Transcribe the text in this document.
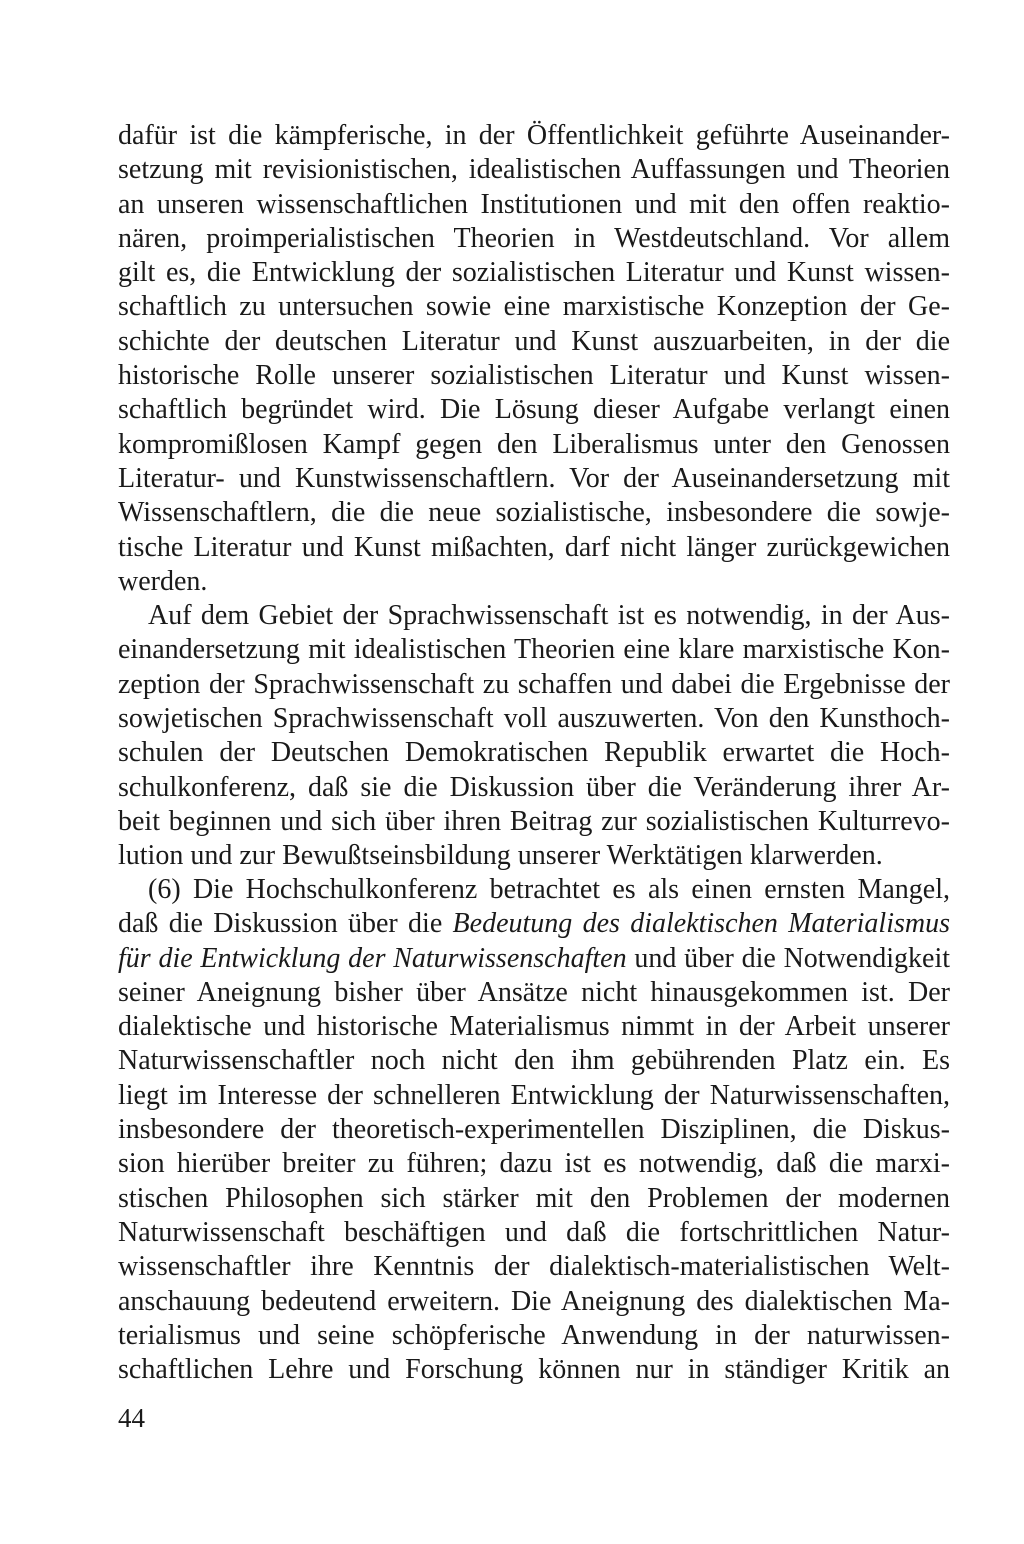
dafür ist die kämpferische, in der Öffentlichkeit geführte Auseinander-
setzung mit revisionistischen, idealistischen Auffassungen und Theorien
an unseren wissenschaftlichen Institutionen und mit den offen reaktio-
nären, proimperialistischen Theorien in Westdeutschland. Vor allem
gilt es, die Entwicklung der sozialistischen Literatur und Kunst wissen-
schaftlich zu untersuchen sowie eine marxistische Konzeption der Ge-
schichte der deutschen Literatur und Kunst auszuarbeiten, in der die
historische Rolle unserer sozialistischen Literatur und Kunst wissen-
schaftlich begründet wird. Die Lösung dieser Aufgabe verlangt einen
kompromißlosen Kampf gegen den Liberalismus unter den Genossen
Literatur- und Kunstwissenschaftlern. Vor der Auseinandersetzung mit
Wissenschaftlern, die die neue sozialistische, insbesondere die sowje-
tische Literatur und Kunst mißachten, darf nicht länger zurückgewichen
werden.
Auf dem Gebiet der Sprachwissenschaft ist es notwendig, in der Aus-
einandersetzung mit idealistischen Theorien eine klare marxistische Kon-
zeption der Sprachwissenschaft zu schaffen und dabei die Ergebnisse der
sowjetischen Sprachwissenschaft voll auszuwerten. Von den Kunsthoch-
schulen der Deutschen Demokratischen Republik erwartet die Hoch-
schulkonferenz, daß sie die Diskussion über die Veränderung ihrer Ar-
beit beginnen und sich über ihren Beitrag zur sozialistischen Kulturrevo-
lution und zur Bewußtseinsbildung unserer Werktätigen klarwerden.
(6) Die Hochschulkonferenz betrachtet es als einen ernsten Mangel,
daß die Diskussion über die Bedeutung des dialektischen Materialismus
für die Entwicklung der Naturwissenschaften und über die Notwendigkeit
seiner Aneignung bisher über Ansätze nicht hinausgekommen ist. Der
dialektische und historische Materialismus nimmt in der Arbeit unserer
Naturwissenschaftler noch nicht den ihm gebührenden Platz ein. Es
liegt im Interesse der schnelleren Entwicklung der Naturwissenschaften,
insbesondere der theoretisch-experimentellen Disziplinen, die Diskus-
sion hierüber breiter zu führen; dazu ist es notwendig, daß die marxi-
stischen Philosophen sich stärker mit den Problemen der modernen
Naturwissenschaft beschäftigen und daß die fortschrittlichen Natur-
wissenschaftler ihre Kenntnis der dialektisch-materialistischen Welt-
anschauung bedeutend erweitern. Die Aneignung des dialektischen Ma-
terialismus und seine schöpferische Anwendung in der naturwissen-
schaftlichen Lehre und Forschung können nur in ständiger Kritik an
44
